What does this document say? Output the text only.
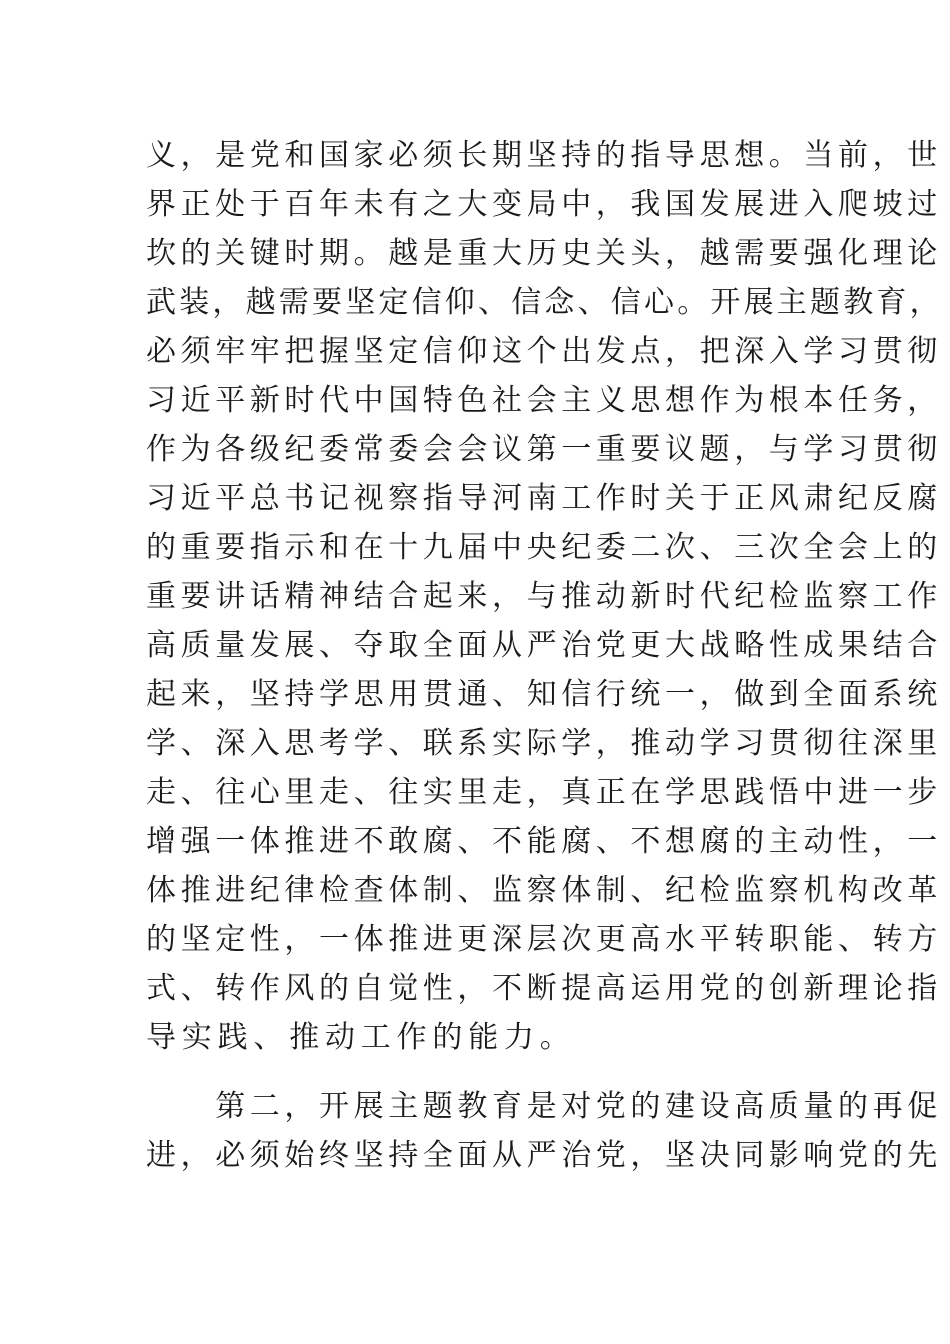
义，是党和国家必须长期坚持的指导思想。当前，世
界正处于百年未有之大变局中，我国发展进入爬坡过
坎的关键时期。越是重大历史关头，越需要强化理论
武装，越需要坚定信仰、信念、信心。开展主题教育，
必须牢牢把握坚定信仰这个出发点，把深入学习贯彻
习近平新时代中国特色社会主义思想作为根本任务，
作为各级纪委常委会会议第一重要议题，与学习贯彻
习近平总书记视察指导河南工作时关于正风肃纪反腐
的重要指示和在十九届中央纪委二次、三次全会上的
重要讲话精神结合起来，与推动新时代纪检监察工作
高质量发展、夺取全面从严治党更大战略性成果结合
起来，坚持学思用贯通、知信行统一，做到全面系统
学、深入思考学、联系实际学，推动学习贯彻往深里
走、往心里走、往实里走，真正在学思践悟中进一步
增强一体推进不敢腐、不能腐、不想腐的主动性，一
体推进纪律检查体制、监察体制、纪检监察机构改革
的坚定性，一体推进更深层次更高水平转职能、转方
式、转作风的自觉性，不断提高运用党的创新理论指
导实践、推动工作的能力。
　　第二，开展主题教育是对党的建设高质量的再促
进，必须始终坚持全面从严治党，坚决同影响党的先
